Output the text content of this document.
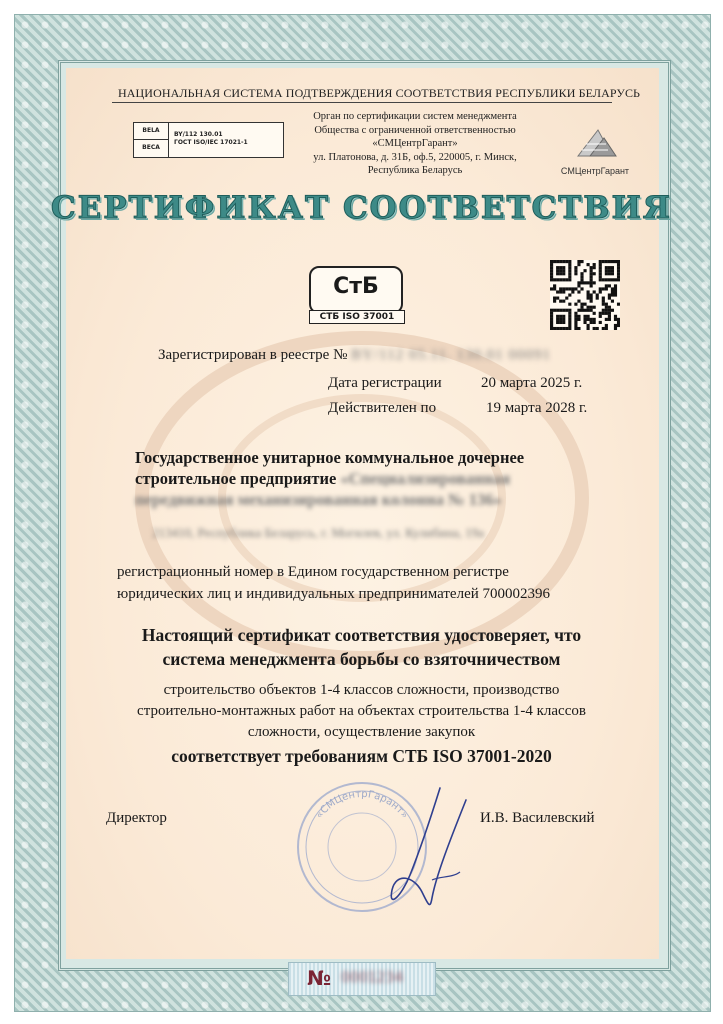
НАЦИОНАЛЬНАЯ СИСТЕМА ПОДТВЕРЖДЕНИЯ СООТВЕТСТВИЯ РЕСПУБЛИКИ БЕЛАРУСЬ
BELA
BECA
BY/112 130.01
ГОСТ ISO/IEC 17021-1
Орган по сертификации систем менеджмента
Общества с ограниченной ответственностью
«СМЦентрГарант»
ул. Платонова, д. 31Б, оф.5, 220005, г. Минск,
Республика Беларусь	СМЦентрГарант
СЕРТИФИКАТ СООТВЕТСТВИЯ
СтБ
СТБ ISO 37001
Зарегистрирован в реестре № BY/112 05.11. 130.01 00091
Дата регистрации	20 марта 2025 г.
Действителен по	19 марта 2028 г.
Государственное унитарное коммунальное дочернее
строительное предприятие «Специализированная
передвижная механизированная колонна № 136»
213410, Республика Беларусь, г. Могилев, ул. Кулибина, 19а
регистрационный номер в Едином государственном регистре
юридических лиц и индивидуальных предпринимателей 700002396
Настоящий сертификат соответствия удостоверяет, что
система менеджмента борьбы со взяточничеством
строительство объектов 1-4 классов сложности, производство
строительно-монтажных работ на объектах строительства 1-4 классов
сложности, осуществление закупок
соответствует требованиям СТБ ISO 37001-2020
«СМЦентрГарант»
Директор	И.В. Василевский
№ 0001234
